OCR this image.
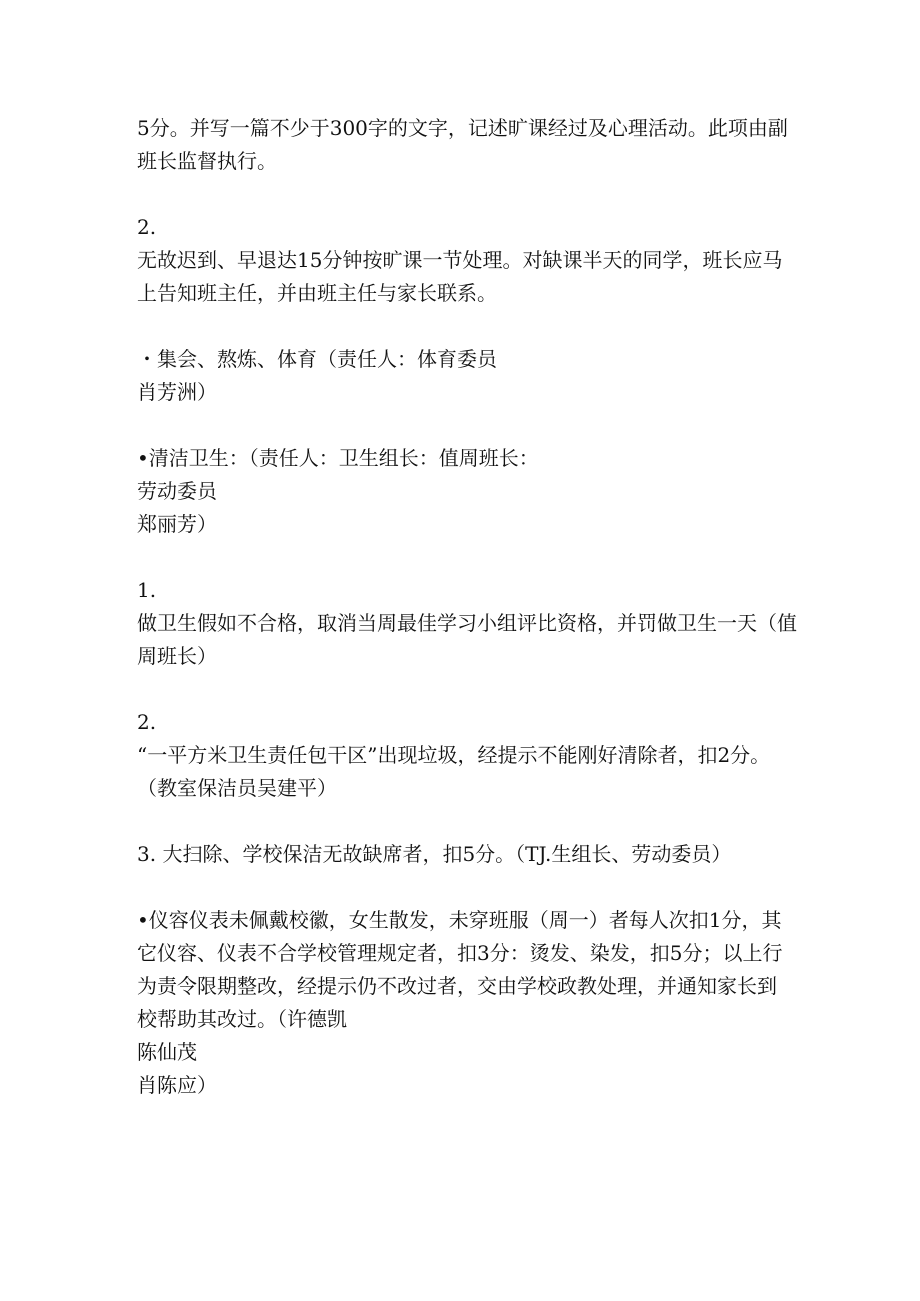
5分。并写一篇不少于300字的文字，记述旷课经过及心理活动。此项由副
班长监督执行。

2.
无故迟到、早退达15分钟按旷课一节处理。对缺课半天的同学，班长应马
上告知班主任，并由班主任与家长联系。

・集会、熬炼、体育（责任人：体育委员
肖芳洲）

•清洁卫生：（责任人：卫生组长：值周班长：
劳动委员
郑丽芳）

1.
做卫生假如不合格，取消当周最佳学习小组评比资格，并罚做卫生一天（值
周班长）

2.
“一平方米卫生责任包干区”出现垃圾，经提示不能刚好清除者，扣2分。
（教室保洁员吴建平）

3. 大扫除、学校保洁无故缺席者，扣5分。（TJ.生组长、劳动委员）

•仪容仪表未佩戴校徽，女生散发，未穿班服（周一）者每人次扣1分，其
它仪容、仪表不合学校管理规定者，扣3分：烫发、染发，扣5分；以上行
为责令限期整改，经提示仍不改过者，交由学校政教处理，并通知家长到
校帮助其改过。（许德凯
陈仙茂
肖陈应）
